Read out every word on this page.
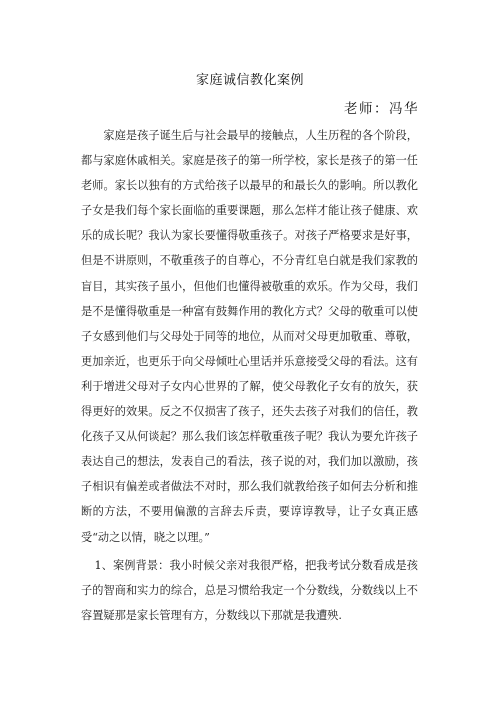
家庭诚信教化案例
老师：冯华

家庭是孩子诞生后与社会最早的接触点，人生历程的各个阶段，都与家庭休戚相关。家庭是孩子的第一所学校，家长是孩子的第一任老师。家长以独有的方式给孩子以最早的和最长久的影响。所以教化子女是我们每个家长面临的重要课题，那么怎样才能让孩子健康、欢乐的成长呢？我认为家长要懂得敬重孩子。对孩子严格要求是好事，但是不讲原则，不敬重孩子的自尊心，不分青红皂白就是我们家教的盲目，其实孩子虽小，但他们也懂得被敬重的欢乐。作为父母，我们是不是懂得敬重是一种富有鼓舞作用的教化方式？父母的敬重可以使子女感到他们与父母处于同等的地位，从而对父母更加敬重、尊敬，更加亲近，也更乐于向父母倾吐心里话并乐意接受父母的看法。这有利于增进父母对子女内心世界的了解，使父母教化子女有的放矢，获得更好的效果。反之不仅损害了孩子，还失去孩子对我们的信任，教化孩子又从何谈起？那么我们该怎样敬重孩子呢？我认为要允许孩子表达自己的想法，发表自己的看法，孩子说的对，我们加以激励，孩子相识有偏差或者做法不对时，那么我们就教给孩子如何去分析和推断的方法，不要用偏激的言辞去斥责，要谆谆教导，让子女真正感受“动之以情，晓之以理。”

1、案例背景：我小时候父亲对我很严格，把我考试分数看成是孩子的智商和实力的综合，总是习惯给我定一个分数线，分数线以上不容置疑那是家长管理有方，分数线以下那就是我遭殃.
